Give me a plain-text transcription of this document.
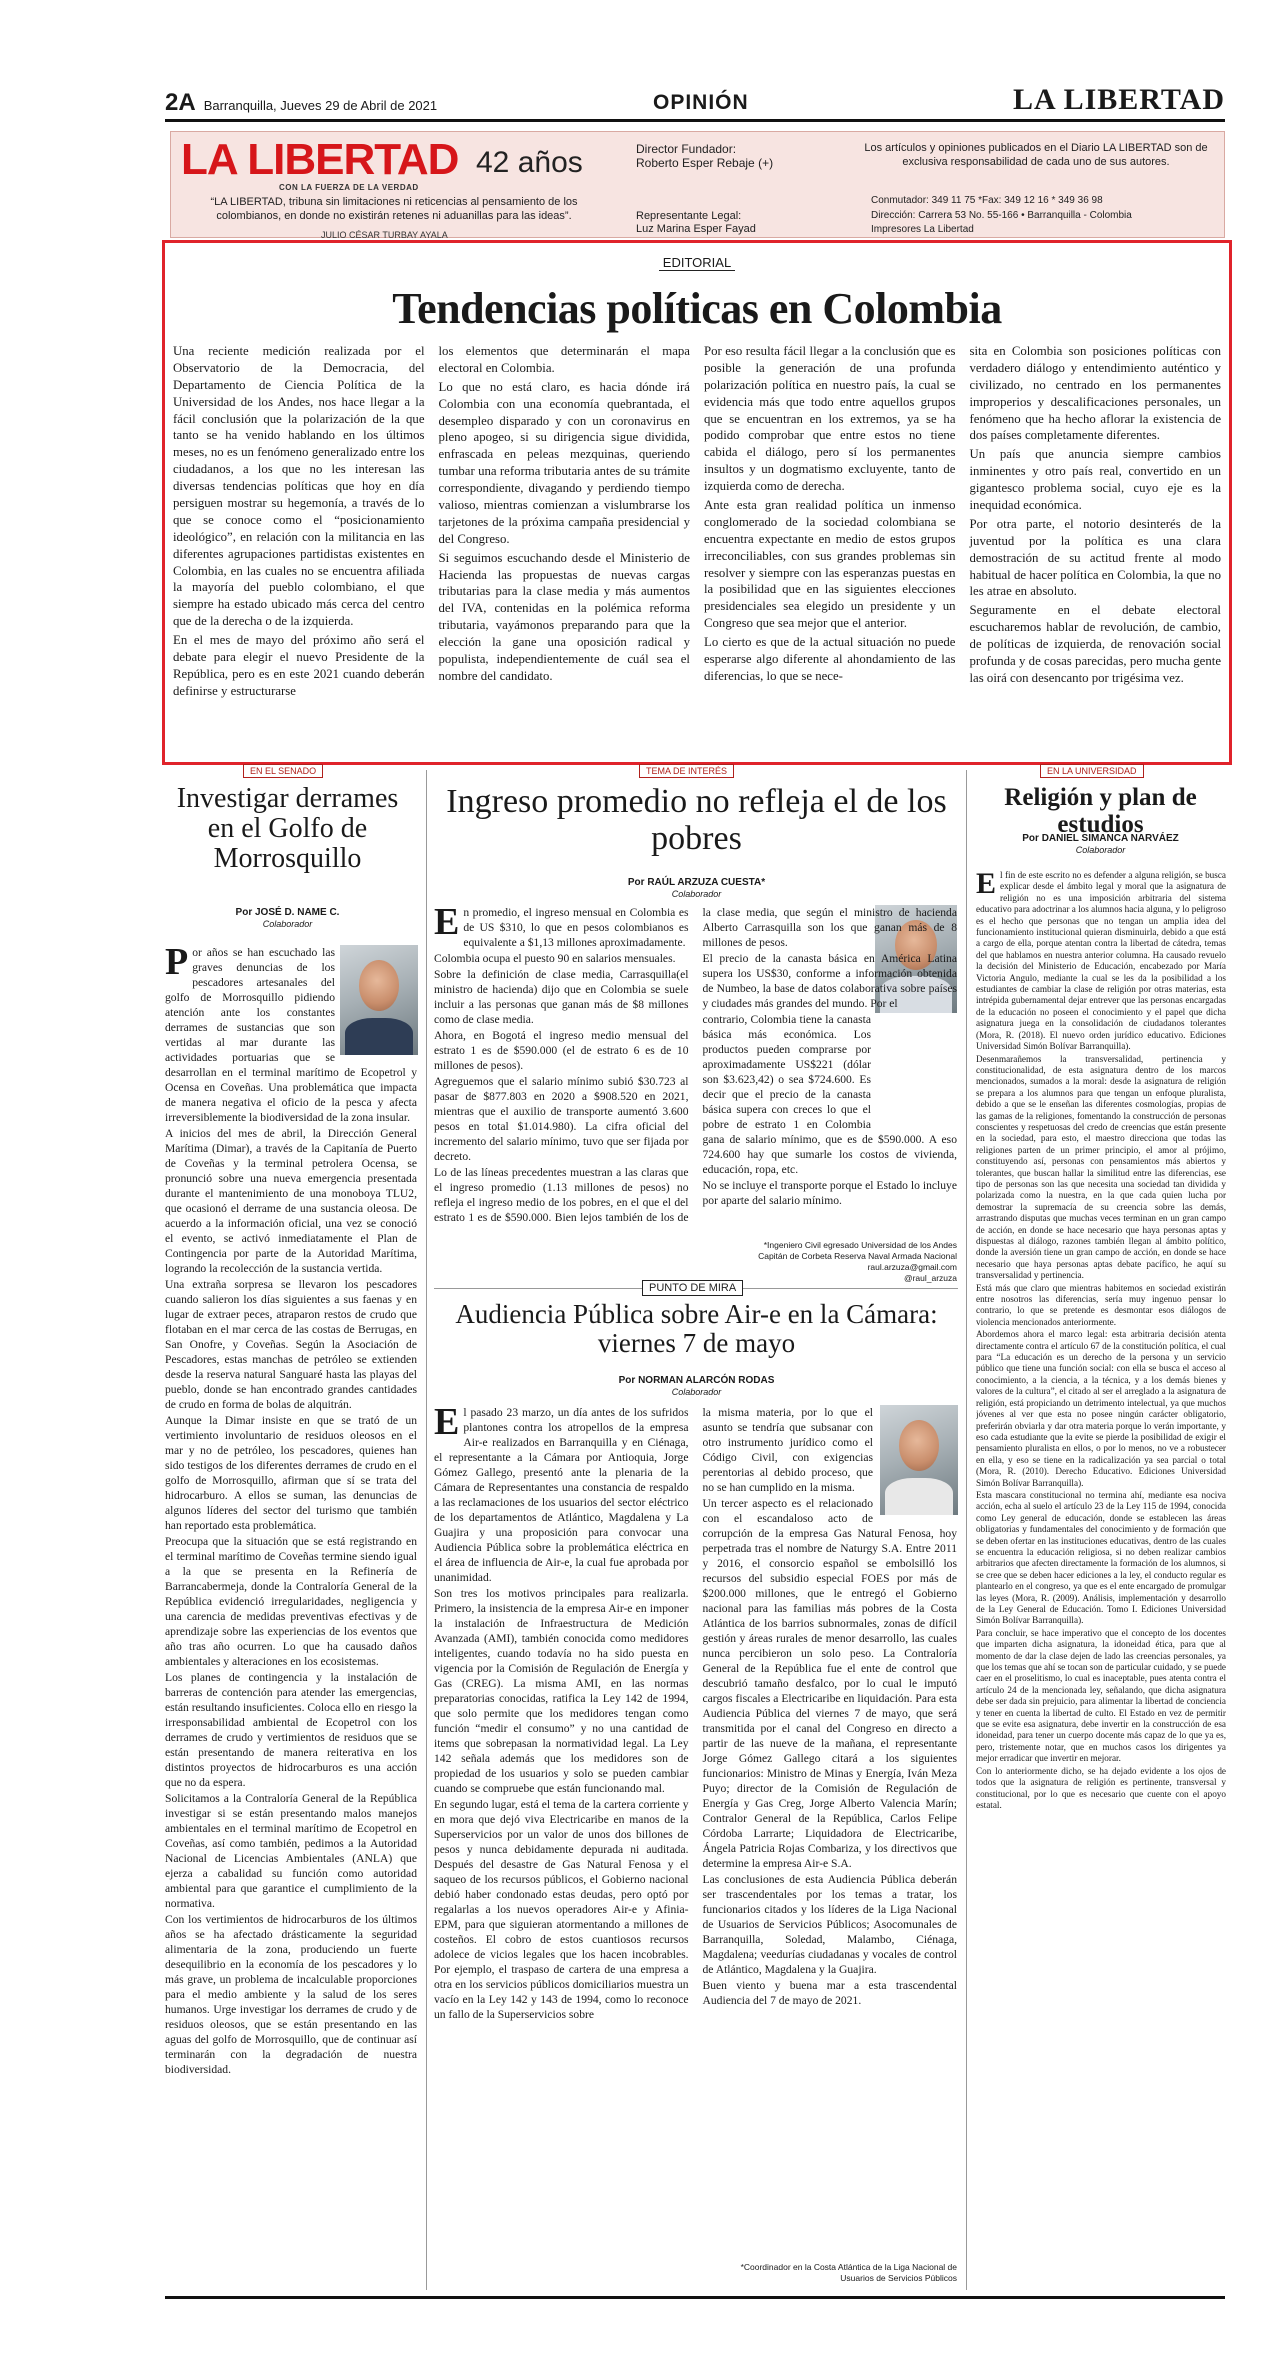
2A Barranquilla, Jueves 29 de Abril de 2021	OPINIÓN	LA LIBERTAD
LA LIBERTAD
CON LA FUERZA DE LA VERDAD
42 años
“LA LIBERTAD, tribuna sin limitaciones ni reticencias al pensamiento de los colombianos, en donde no existirán retenes ni aduanillas para las ideas”.
JULIO CÉSAR TURBAY AYALA
Director Fundador:
Roberto Esper Rebaje (+)
Representante Legal:
Luz Marina Esper Fayad
Los artículos y opiniones publicados en el Diario LA LIBERTAD son de exclusiva responsabilidad de cada uno de sus autores.
Conmutador: 349 11 75 *Fax: 349 12 16 * 349 36 98
Dirección: Carrera 53 No. 55-166 • Barranquilla - Colombia
Impresores La Libertad
EDITORIAL
Tendencias políticas en Colombia

Una reciente medición realizada por el Observatorio de la Democracia, del Departamento de Ciencia Política de la Universidad de los Andes, nos hace llegar a la fácil conclusión que la polarización de la que tanto se ha venido hablando en los últimos meses, no es un fenómeno generalizado entre los ciudadanos, a los que no les interesan las diversas tendencias políticas que hoy en día persiguen mostrar su hegemonía, a través de lo que se conoce como el “posicionamiento ideológico”, en relación con la militancia en las diferentes agrupaciones partidistas existentes en Colombia, en las cuales no se encuentra afiliada la mayoría del pueblo colombiano, el que siempre ha estado ubicado más cerca del centro que de la derecha o de la izquierda.

En el mes de mayo del próximo año será el debate para elegir el nuevo Presidente de la República, pero es en este 2021 cuando deberán definirse y estructurarse

los elementos que determinarán el mapa electoral en Colombia.

Lo que no está claro, es hacia dónde irá Colombia con una economía quebrantada, el desempleo disparado y con un coronavirus en pleno apogeo, si su dirigencia sigue dividida, enfrascada en peleas mezquinas, queriendo tumbar una reforma tributaria antes de su trámite correspondiente, divagando y perdiendo tiempo valioso, mientras comienzan a vislumbrarse los tarjetones de la próxima campaña presidencial y del Congreso.

Si seguimos escuchando desde el Ministerio de Hacienda las propuestas de nuevas cargas tributarias para la clase media y más aumentos del IVA, contenidas en la polémica reforma tributaria, vayámonos preparando para que la elección la gane una oposición radical y populista, independientemente de cuál sea el nombre del candidato.

Por eso resulta fácil llegar a la conclusión que es posible la generación de una profunda polarización política en nuestro país, la cual se evidencia más que todo entre aquellos grupos que se encuentran en los extremos, ya se ha podido comprobar que entre estos no tiene cabida el diálogo, pero sí los permanentes insultos y un dogmatismo excluyente, tanto de izquierda como de derecha.

Ante esta gran realidad política un inmenso conglomerado de la sociedad colombiana se encuentra expectante en medio de estos grupos irreconciliables, con sus grandes problemas sin resolver y siempre con las esperanzas puestas en la posibilidad que en las siguientes elecciones presidenciales sea elegido un presidente y un Congreso que sea mejor que el anterior.

Lo cierto es que de la actual situación no puede esperarse algo diferente al ahondamiento de las diferencias, lo que se nece-

sita en Colombia son posiciones políticas con verdadero diálogo y entendimiento auténtico y civilizado, no centrado en los permanentes improperios y descalificaciones personales, un fenómeno que ha hecho aflorar la existencia de dos países completamente diferentes.

Un país que anuncia siempre cambios inminentes y otro país real, convertido en un gigantesco problema social, cuyo eje es la inequidad económica.

Por otra parte, el notorio desinterés de la juventud por la política es una clara demostración de su actitud frente al modo habitual de hacer política en Colombia, la que no les atrae en absoluto.

Seguramente en el debate electoral escucharemos hablar de revolución, de cambio, de políticas de izquierda, de renovación social profunda y de cosas parecidas, pero mucha gente las oirá con desencanto por trigésima vez.

EN EL SENADO
Investigar derrames en el Golfo de Morrosquillo
Por JOSÉ D. NAME C.
Colaborador

Por años se han escuchado las graves denuncias de los pescadores artesanales del golfo de Morrosquillo pidiendo atención ante los constantes derrames de sustancias que son vertidas al mar durante las actividades portuarias que se desarrollan en el terminal marítimo de Ecopetrol y Ocensa en Coveñas. Una problemática que impacta de manera negativa el oficio de la pesca y afecta irreversiblemente la biodiversidad de la zona insular.

A inicios del mes de abril, la Dirección General Marítima (Dimar), a través de la Capitanía de Puerto de Coveñas y la terminal petrolera Ocensa, se pronunció sobre una nueva emergencia presentada durante el mantenimiento de una monoboya TLU2, que ocasionó el derrame de una sustancia oleosa. De acuerdo a la información oficial, una vez se conoció el evento, se activó inmediatamente el Plan de Contingencia por parte de la Autoridad Marítima, logrando la recolección de la sustancia vertida.

Una extraña sorpresa se llevaron los pescadores cuando salieron los días siguientes a sus faenas y en lugar de extraer peces, atraparon restos de crudo que flotaban en el mar cerca de las costas de Berrugas, en San Onofre, y Coveñas. Según la Asociación de Pescadores, estas manchas de petróleo se extienden desde la reserva natural Sanguaré hasta las playas del pueblo, donde se han encontrado grandes cantidades de crudo en forma de bolas de alquitrán.

Aunque la Dimar insiste en que se trató de un vertimiento involuntario de residuos oleosos en el mar y no de petróleo, los pescadores, quienes han sido testigos de los diferentes derrames de crudo en el golfo de Morrosquillo, afirman que sí se trata del hidrocarburo. A ellos se suman, las denuncias de algunos líderes del sector del turismo que también han reportado esta problemática.

Preocupa que la situación que se está registrando en el terminal marítimo de Coveñas termine siendo igual a la que se presenta en la Refinería de Barrancabermeja, donde la Contraloría General de la República evidenció irregularidades, negligencia y una carencia de medidas preventivas efectivas y de aprendizaje sobre las experiencias de los eventos que año tras año ocurren. Lo que ha causado daños ambientales y alteraciones en los ecosistemas.

Los planes de contingencia y la instalación de barreras de contención para atender las emergencias, están resultando insuficientes. Coloca ello en riesgo la irresponsabilidad ambiental de Ecopetrol con los derrames de crudo y vertimientos de residuos que se están presentando de manera reiterativa en los distintos proyectos de hidrocarburos es una acción que no da espera.

Solicitamos a la Contraloría General de la República investigar si se están presentando malos manejos ambientales en el terminal marítimo de Ecopetrol en Coveñas, así como también, pedimos a la Autoridad Nacional de Licencias Ambientales (ANLA) que ejerza a cabalidad su función como autoridad ambiental para que garantice el cumplimiento de la normativa.

Con los vertimientos de hidrocarburos de los últimos años se ha afectado drásticamente la seguridad alimentaria de la zona, produciendo un fuerte desequilibrio en la economía de los pescadores y lo más grave, un problema de incalculable proporciones para el medio ambiente y la salud de los seres humanos. Urge investigar los derrames de crudo y de residuos oleosos, que se están presentando en las aguas del golfo de Morrosquillo, que de continuar así terminarán con la degradación de nuestra biodiversidad.

TEMA DE INTERÉS
Ingreso promedio no refleja el de los pobres
Por RAÚL ARZUZA CUESTA*
Colaborador

En promedio, el ingreso mensual en Colombia es de US $310, lo que en pesos colombianos es equivalente a $1,13 millones aproximadamente.

Colombia ocupa el puesto 90 en salarios mensuales.

Sobre la definición de clase media, Carrasquilla(el ministro de hacienda) dijo que en Colombia se suele incluir a las personas que ganan más de $8 millones como de clase media.

Ahora, en Bogotá el ingreso medio mensual del estrato 1 es de $590.000 (el de estrato 6 es de 10 millones de pesos).

Agreguemos que el salario mínimo subió $30.723 al pasar de $877.803 en 2020 a $908.520 en 2021, mientras que el auxilio de transporte aumentó 3.600 pesos en total $1.014.980). La cifra oficial del incremento del salario mínimo, tuvo que ser fijada por decreto.

Lo de las líneas precedentes muestran a las claras que el ingreso promedio (1.13 millones de pesos) no refleja el ingreso medio de los pobres, en el que el del estrato 1 es de $590.000. Bien lejos también de los de la clase media, que según el ministro de hacienda Alberto Carrasquilla son los que ganan más de 8 millones de pesos.

El precio de la canasta básica en América Latina supera los US$30, conforme a información obtenida de Numbeo, la base de datos colaborativa sobre países y ciudades más grandes del mundo. Por el

contrario, Colombia tiene la canasta básica más económica. Los productos pueden comprarse por aproximadamente US$221 (dólar son $3.623,42) o sea $724.600. Es decir que el precio de la canasta básica supera con creces lo que el pobre de estrato 1 en Colombia gana de salario mínimo, que es de $590.000. A eso 724.600 hay que sumarle los costos de vivienda, educación, ropa, etc.

No se incluye el transporte porque el Estado lo incluye por aparte del salario mínimo.

*Ingeniero Civil egresado Universidad de los Andes
Capitán de Corbeta Reserva Naval Armada Nacional
raul.arzuza@gmail.com
@raul_arzuza
PUNTO DE MIRA
Audiencia Pública sobre Air-e en la Cámara: viernes 7 de mayo
Por NORMAN ALARCÓN RODAS
Colaborador

El pasado 23 marzo, un día antes de los sufridos plantones contra los atropellos de la empresa Air-e realizados en Barranquilla y en Ciénaga, el representante a la Cámara por Antioquia, Jorge Gómez Gallego, presentó ante la plenaria de la Cámara de Representantes una constancia de respaldo a las reclamaciones de los usuarios del sector eléctrico de los departamentos de Atlántico, Magdalena y La Guajira y una proposición para convocar una Audiencia Pública sobre la problemática eléctrica en el área de influencia de Air-e, la cual fue aprobada por unanimidad.

Son tres los motivos principales para realizarla. Primero, la insistencia de la empresa Air-e en imponer la instalación de Infraestructura de Medición Avanzada (AMI), también conocida como medidores inteligentes, cuando todavía no ha sido puesta en vigencia por la Comisión de Regulación de Energía y Gas (CREG). La misma AMI, en las normas preparatorias conocidas, ratifica la Ley 142 de 1994, que solo permite que los medidores tengan como función “medir el consumo” y no una cantidad de items que sobrepasan la normatividad legal. La Ley 142 señala además que los medidores son de propiedad de los usuarios y solo se pueden cambiar cuando se compruebe que están funcionando mal.

En segundo lugar, está el tema de la cartera corriente y en mora que dejó viva Electricaribe en manos de la Superservicios por un valor de unos dos billones de pesos y nunca debidamente depurada ni auditada. Después del desastre de Gas Natural Fenosa y el saqueo de los recursos públicos, el Gobierno nacional debió haber condonado estas deudas, pero optó por regalarlas a los nuevos operadores Air-e y Afinia-EPM, para que siguieran atormentando a millones de costeños. El cobro de estos cuantiosos recursos adolece de vicios legales que los hacen incobrables. Por ejemplo, el traspaso de cartera de una empresa a otra en los servicios públicos domiciliarios muestra un vacío en la Ley 142 y 143 de 1994, como lo reconoce un fallo de la Superservicios sobre

la misma materia, por lo que el asunto se tendría que subsanar con otro instrumento jurídico como el Código Civil, con exigencias perentorias al debido proceso, que no se han cumplido en la misma.

Un tercer aspecto es el relacionado con el escandaloso acto de corrupción de la empresa Gas Natural Fenosa, hoy perpetrada tras el nombre de Naturgy S.A. Entre 2011 y 2016, el consorcio español se embolsilló los recursos del subsidio especial FOES por más de $200.000 millones, que le entregó el Gobierno nacional para las familias más pobres de la Costa Atlántica de los barrios subnormales, zonas de difícil gestión y áreas rurales de menor desarrollo, las cuales nunca percibieron un solo peso. La Contraloría General de la República fue el ente de control que descubrió tamaño desfalco, por lo cual le imputó cargos fiscales a Electricaribe en liquidación. Para esta Audiencia Pública del viernes 7 de mayo, que será transmitida por el canal del Congreso en directo a partir de las nueve de la mañana, el representante Jorge Gómez Gallego citará a los siguientes funcionarios: Ministro de Minas y Energía, Iván Meza Puyo; director de la Comisión de Regulación de Energía y Gas Creg, Jorge Alberto Valencia Marín; Contralor General de la República, Carlos Felipe Córdoba Larrarte; Liquidadora de Electricaribe, Ángela Patricia Rojas Combariza, y los directivos que determine la empresa Air-e S.A.

Las conclusiones de esta Audiencia Pública deberán ser trascendentales por los temas a tratar, los funcionarios citados y los líderes de la Liga Nacional de Usuarios de Servicios Públicos; Asocomunales de Barranquilla, Soledad, Malambo, Ciénaga, Magdalena; veedurías ciudadanas y vocales de control de Atlántico, Magdalena y la Guajira.

Buen viento y buena mar a esta trascendental Audiencia del 7 de mayo de 2021.

*Coordinador en la Costa Atlántica de la Liga Nacional de
Usuarios de Servicios Públicos
EN LA UNIVERSIDAD
Religión y plan de estudios
Por DANIEL SIMANCA NARVÁEZ
Colaborador

El fin de este escrito no es defender a alguna religión, se busca explicar desde el ámbito legal y moral que la asignatura de religión no es una imposición arbitraria del sistema educativo para adoctrinar a los alumnos hacia alguna, y lo peligroso es el hecho que personas que no tengan un amplia idea del funcionamiento institucional quieran disminuirla, debido a que está a cargo de ella, porque atentan contra la libertad de cátedra, temas del que hablamos en nuestra anterior columna. Ha causado revuelo la decisión del Ministerio de Educación, encabezado por María Victoria Angulo, mediante la cual se les da la posibilidad a los estudiantes de cambiar la clase de religión por otras materias, esta intrépida gubernamental dejar entrever que las personas encargadas de la educación no poseen el conocimiento y el papel que dicha asignatura juega en la consolidación de ciudadanos tolerantes (Mora, R. (2018). El nuevo orden jurídico educativo. Ediciones Universidad Simón Bolívar Barranquilla).

Desenmarañemos la transversalidad, pertinencia y constitucionalidad, de esta asignatura dentro de los marcos mencionados, sumados a la moral: desde la asignatura de religión se prepara a los alumnos para que tengan un enfoque pluralista, debido a que se le enseñan las diferentes cosmologías, propias de las gamas de la religiones, fomentando la construcción de personas conscientes y respetuosas del credo de creencias que están presente en la sociedad, para esto, el maestro direcciona que todas las religiones parten de un primer principio, el amor al prójimo, constituyendo así, personas con pensamientos más abiertos y tolerantes, que buscan hallar la similitud entre las diferencias, ese tipo de personas son las que necesita una sociedad tan dividida y polarizada como la nuestra, en la que cada quien lucha por demostrar la supremacía de su creencia sobre las demás, arrastrando disputas que muchas veces terminan en un gran campo de acción, en donde se hace necesario que haya personas aptas y dispuestas al diálogo, razones también llegan al ámbito político, donde la aversión tiene un gran campo de acción, en donde se hace necesario que haya personas aptas debate pacífico, he aquí su transversalidad y pertinencia.

Está más que claro que mientras habitemos en sociedad existirán entre nosotros las diferencias, sería muy ingenuo pensar lo contrario, lo que se pretende es desmontar esos diálogos de violencia mencionados anteriormente.

Abordemos ahora el marco legal: esta arbitraria decisión atenta directamente contra el artículo 67 de la constitución política, el cual para “La educación es un derecho de la persona y un servicio público que tiene una función social: con ella se busca el acceso al conocimiento, a la ciencia, a la técnica, y a los demás bienes y valores de la cultura”, el citado al ser el arreglado a la asignatura de religión, está propiciando un detrimento intelectual, ya que muchos jóvenes al ver que esta no posee ningún carácter obligatorio, preferirán obviarla y dar otra materia porque lo verán importante, y eso cada estudiante que la evite se pierde la posibilidad de exigir el pensamiento pluralista en ellos, o por lo menos, no ve a robustecer en ella, y eso se tiene en la radicalización ya sea parcial o total (Mora, R. (2010). Derecho Educativo. Ediciones Universidad Simón Bolívar Barranquilla).

Esta mascara constitucional no termina ahí, mediante esa nociva acción, echa al suelo el artículo 23 de la Ley 115 de 1994, conocida como Ley general de educación, donde se establecen las áreas obligatorias y fundamentales del conocimiento y de formación que se deben ofertar en las instituciones educativas, dentro de las cuales se encuentra la educación religiosa, si no deben realizar cambios arbitrarios que afecten directamente la formación de los alumnos, si se cree que se deben hacer ediciones a la ley, el conducto regular es plantearlo en el congreso, ya que es el ente encargado de promulgar las leyes (Mora, R. (2009). Análisis, implementación y desarrollo de la Ley General de Educación. Tomo I. Ediciones Universidad Simón Bolívar Barranquilla).

Para concluir, se hace imperativo que el concepto de los docentes que imparten dicha asignatura, la idoneidad ética, para que al momento de dar la clase dejen de lado las creencias personales, ya que los temas que ahí se tocan son de particular cuidado, y se puede caer en el proselitismo, lo cual es inaceptable, pues atenta contra el artículo 24 de la mencionada ley, señalando, que dicha asignatura debe ser dada sin prejuicio, para alimentar la libertad de conciencia y tener en cuenta la libertad de culto. El Estado en vez de permitir que se evite esa asignatura, debe invertir en la construcción de esa idoneidad, para tener un cuerpo docente más capaz de lo que ya es, pero, tristemente notar, que en muchos casos los dirigentes ya mejor erradicar que invertir en mejorar.

Con lo anteriormente dicho, se ha dejado evidente a los ojos de todos que la asignatura de religión es pertinente, transversal y constitucional, por lo que es necesario que cuente con el apoyo estatal.
